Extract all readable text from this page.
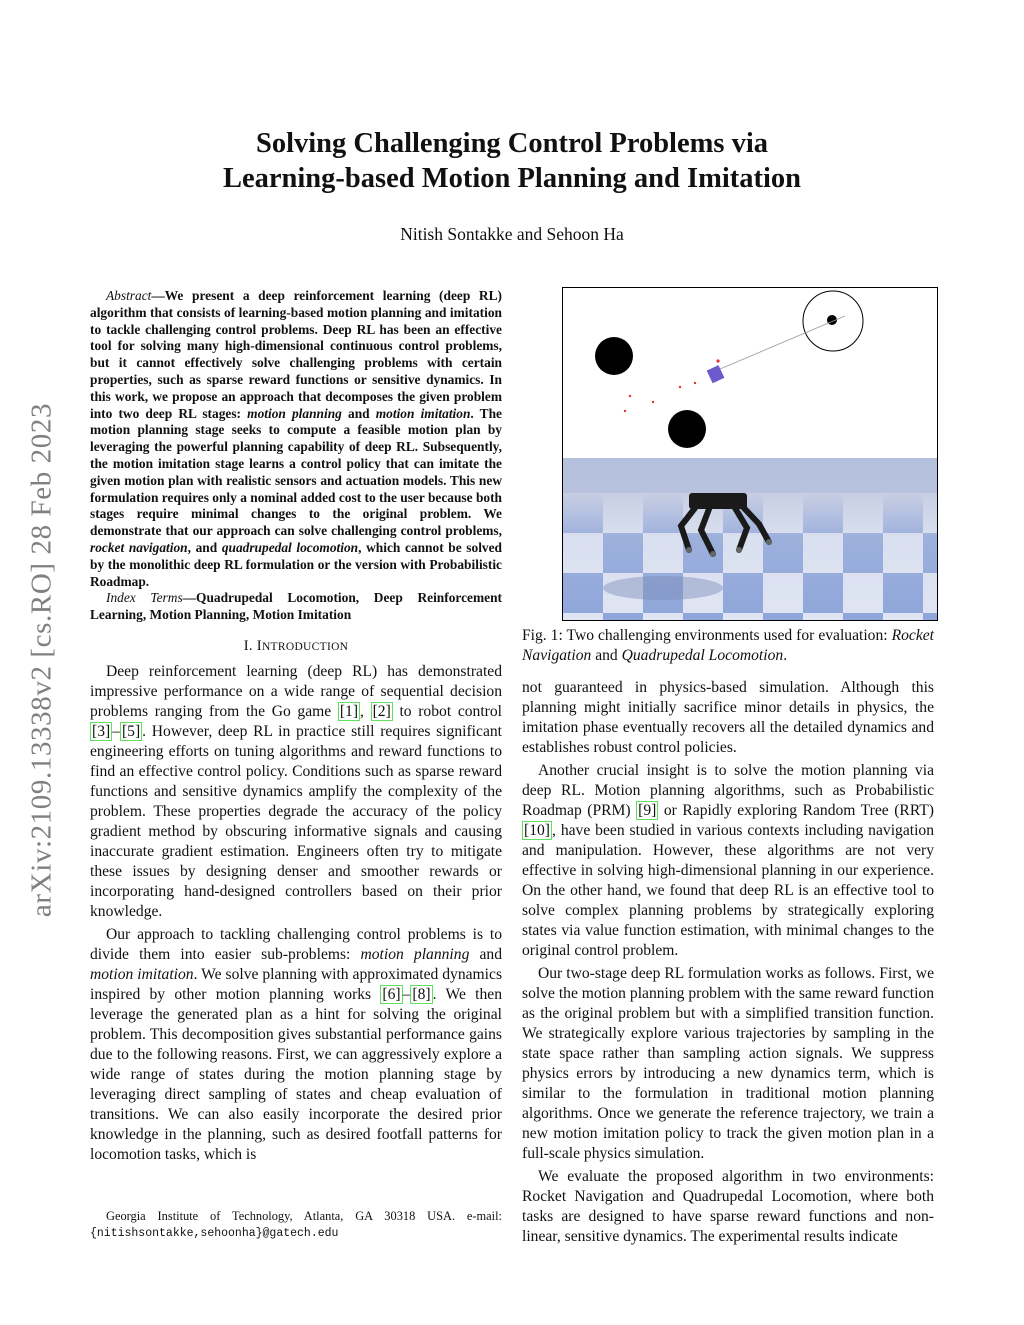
arXiv:2109.13338v2 [cs.RO] 28 Feb 2023
Solving Challenging Control Problems via
Learning-based Motion Planning and Imitation
Nitish Sontakke and Sehoon Ha

Abstract—We present a deep reinforcement learning (deep RL) algorithm that consists of learning-based motion planning and imitation to tackle challenging control problems. Deep RL has been an effective tool for solving many high-dimensional continuous control problems, but it cannot effectively solve challenging problems with certain properties, such as sparse reward functions or sensitive dynamics. In this work, we propose an approach that decomposes the given problem into two deep RL stages: motion planning and motion imitation. The motion planning stage seeks to compute a feasible motion plan by leveraging the powerful planning capability of deep RL. Subsequently, the motion imitation stage learns a control policy that can imitate the given motion plan with realistic sensors and actuation models. This new formulation requires only a nominal added cost to the user because both stages require minimal changes to the original problem. We demonstrate that our approach can solve challenging control problems, rocket navigation, and quadrupedal locomotion, which cannot be solved by the monolithic deep RL formulation or the version with Probabilistic Roadmap.

Index Terms—Quadrupedal Locomotion, Deep Reinforcement Learning, Motion Planning, Motion Imitation

I. INTRODUCTION

Deep reinforcement learning (deep RL) has demonstrated impressive performance on a wide range of sequential decision problems ranging from the Go game [1] , [2] to robot control [3] – [5] . However, deep RL in practice still requires significant engineering efforts on tuning algorithms and reward functions to find an effective control policy. Conditions such as sparse reward functions and sensitive dynamics amplify the complexity of the problem. These properties degrade the accuracy of the policy gradient method by obscuring informative signals and causing inaccurate gradient estimation. Engineers often try to mitigate these issues by designing denser and smoother rewards or incorporating hand-designed controllers based on their prior knowledge.

Our approach to tackling challenging control problems is to divide them into easier sub-problems: motion planning and motion imitation. We solve planning with approximated dynamics inspired by other motion planning works [6] – [8] . We then leverage the generated plan as a hint for solving the original problem. This decomposition gives substantial performance gains due to the following reasons. First, we can aggressively explore a wide range of states during the motion planning stage by leveraging direct sampling of states and cheap evaluation of transitions. We can also easily incorporate the desired prior knowledge in the planning, such as desired footfall patterns for locomotion tasks, which is

Georgia Institute of Technology, Atlanta, GA 30318 USA. e-mail: {nitishsontakke,sehoonha}@gatech.edu
Fig. 1: Two challenging environments used for evaluation: Rocket Navigation and Quadrupedal Locomotion.

not guaranteed in physics-based simulation. Although this planning might initially sacrifice minor details in physics, the imitation phase eventually recovers all the detailed dynamics and establishes robust control policies.

Another crucial insight is to solve the motion planning via deep RL. Motion planning algorithms, such as Probabilistic Roadmap (PRM) [9] or Rapidly exploring Random Tree (RRT) [10] , have been studied in various contexts including navigation and manipulation. However, these algorithms are not very effective in solving high-dimensional planning in our experience. On the other hand, we found that deep RL is an effective tool to solve complex planning problems by strategically exploring states via value function estimation, with minimal changes to the original control problem.

Our two-stage deep RL formulation works as follows. First, we solve the motion planning problem with the same reward function as the original problem but with a simplified transition function. We strategically explore various trajectories by sampling in the state space rather than sampling action signals. We suppress physics errors by introducing a new dynamics term, which is similar to the formulation in traditional motion planning algorithms. Once we generate the reference trajectory, we train a new motion imitation policy to track the given motion plan in a full-scale physics simulation.

We evaluate the proposed algorithm in two environments: Rocket Navigation and Quadrupedal Locomotion, where both tasks are designed to have sparse reward functions and non-linear, sensitive dynamics. The experimental results indicate
